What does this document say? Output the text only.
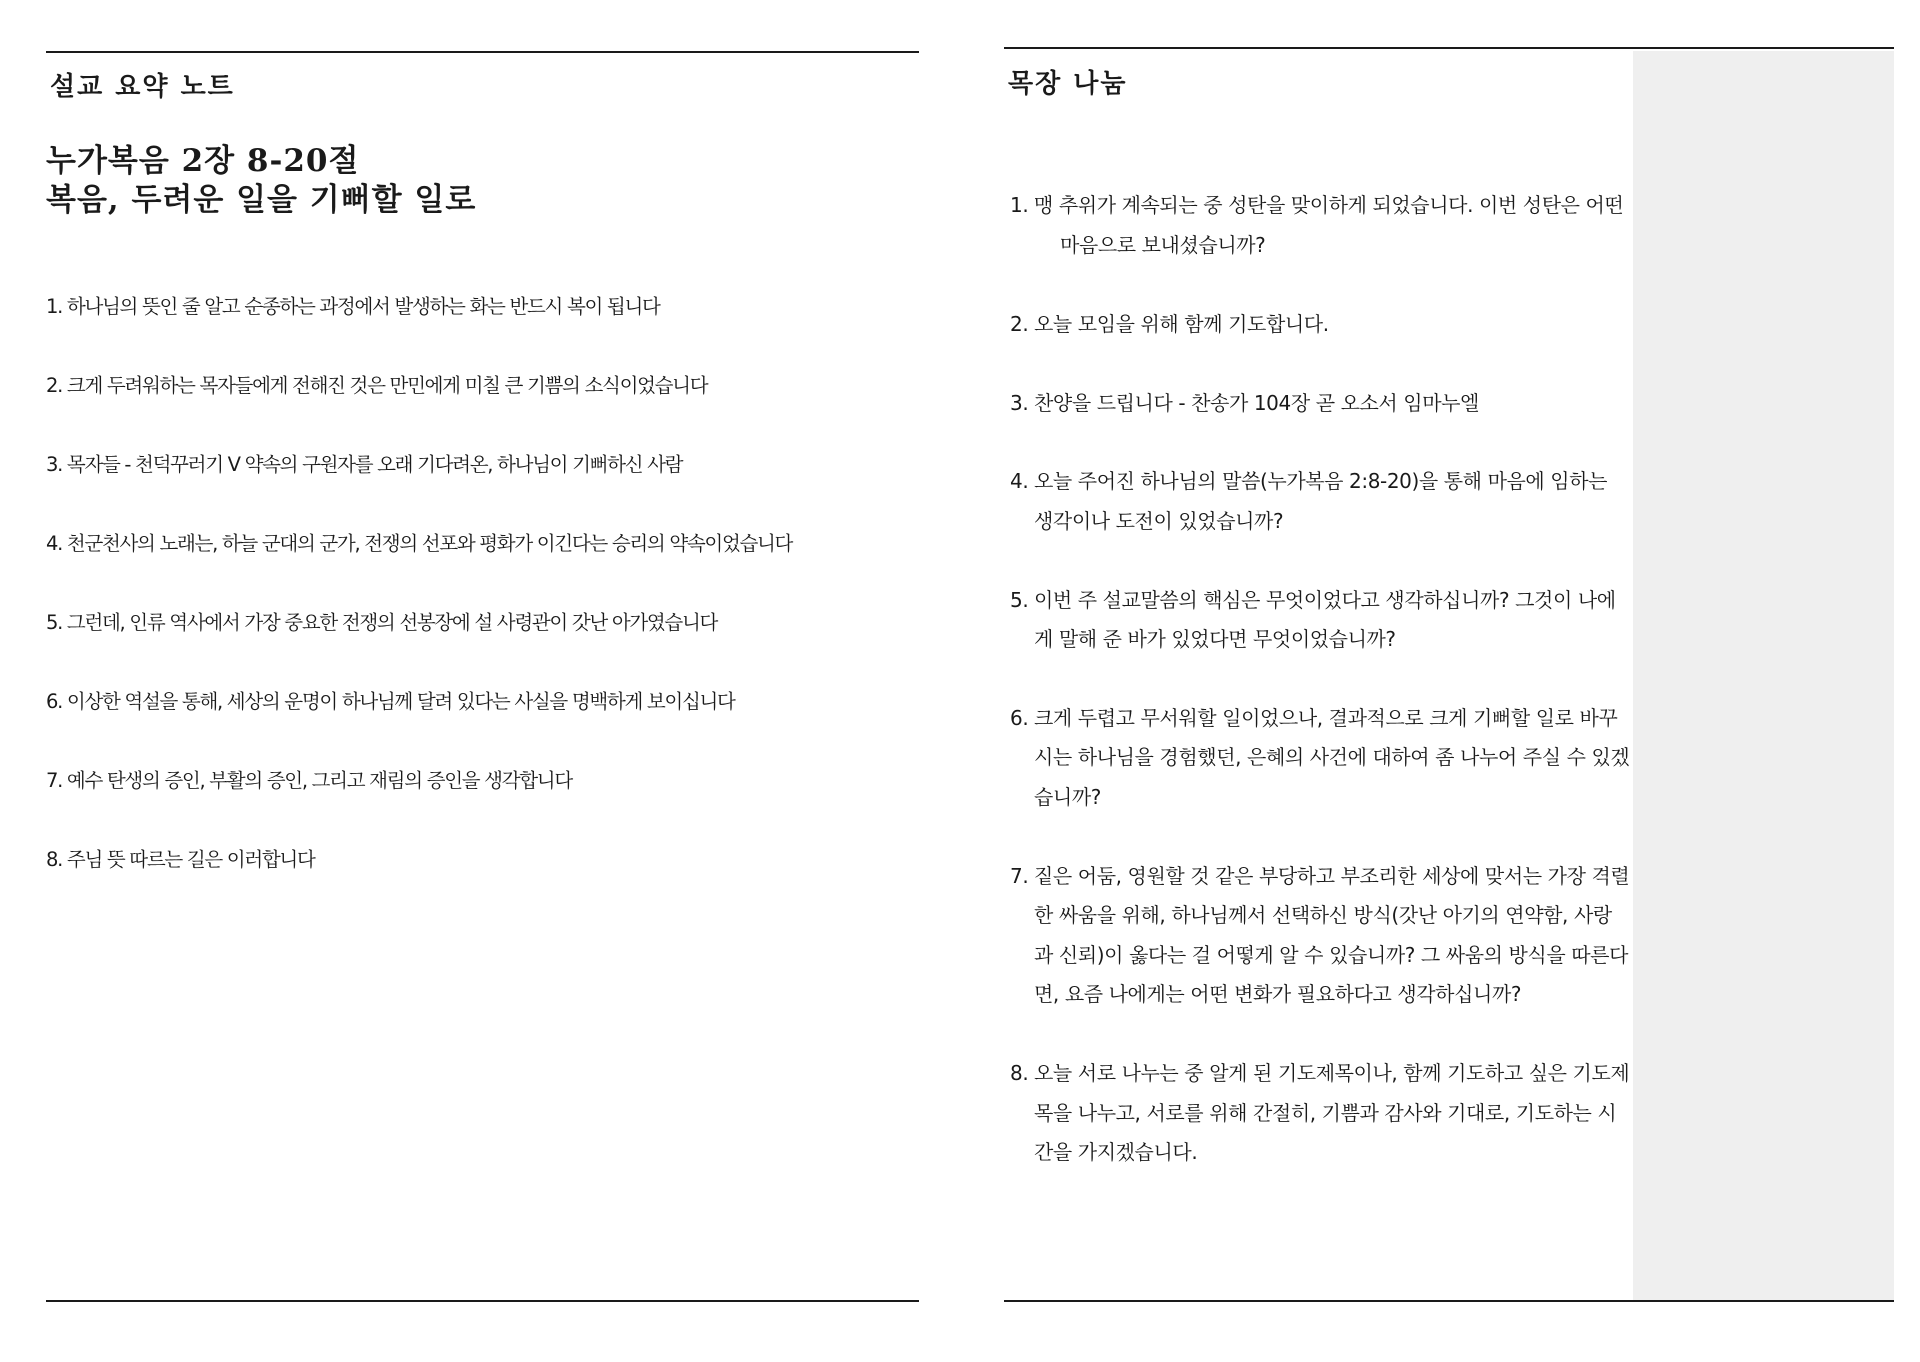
설교 요약 노트
누가복음 2장 8-20절
복음, 두려운 일을 기뻐할 일로
1. 하나님의 뜻인 줄 알고 순종하는 과정에서 발생하는 화는 반드시 복이 됩니다
2. 크게 두려워하는 목자들에게 전해진 것은 만민에게 미칠 큰 기쁨의 소식이었습니다
3. 목자들 - 천덕꾸러기 V 약속의 구원자를 오래 기다려온, 하나님이 기뻐하신 사람
4. 천군천사의 노래는, 하늘 군대의 군가, 전쟁의 선포와 평화가 이긴다는 승리의 약속이었습니다
5. 그런데, 인류 역사에서 가장 중요한 전쟁의 선봉장에 설 사령관이 갓난 아가였습니다
6. 이상한 역설을 통해, 세상의 운명이 하나님께 달려 있다는 사실을 명백하게 보이십니다
7. 예수 탄생의 증인, 부활의 증인, 그리고 재림의 증인을 생각합니다
8. 주님 뜻 따르는 길은 이러합니다
목장 나눔
1. 맹 추위가 계속되는 중 성탄을 맞이하게 되었습니다. 이번 성탄은 어떤
마음으로 보내셨습니까?
2. 오늘 모임을 위해 함께 기도합니다.
3. 찬양을 드립니다 - 찬송가 104장 곧 오소서 임마누엘
4. 오늘 주어진 하나님의 말씀(누가복음 2:8-20)을 통해 마음에 임하는 생각이나 도전이 있었습니까?
5. 이번 주 설교말씀의 핵심은 무엇이었다고 생각하십니까? 그것이 나에게 말해 준 바가 있었다면 무엇이었습니까?
6. 크게 두렵고 무서워할 일이었으나, 결과적으로 크게 기뻐할 일로 바꾸시는 하나님을 경험했던, 은혜의 사건에 대하여 좀 나누어 주실 수 있겠습니까?
7. 짙은 어둠, 영원할 것 같은 부당하고 부조리한 세상에 맞서는 가장 격렬한 싸움을 위해, 하나님께서 선택하신 방식(갓난 아기의 연약함, 사랑과 신뢰)이 옳다는 걸 어떻게 알 수 있습니까? 그 싸움의 방식을 따른다면, 요즘 나에게는 어떤 변화가 필요하다고 생각하십니까?
8. 오늘 서로 나누는 중 알게 된 기도제목이나, 함께 기도하고 싶은 기도제목을 나누고, 서로를 위해 간절히, 기쁨과 감사와 기대로, 기도하는 시간을 가지겠습니다.
